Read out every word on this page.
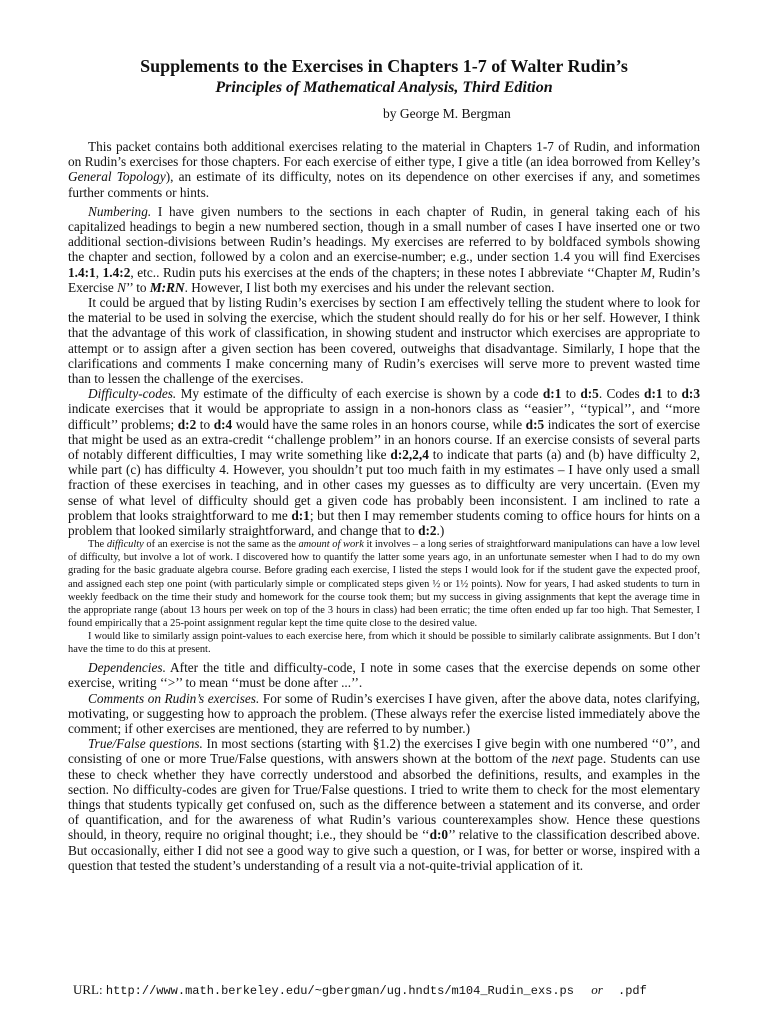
Supplements to the Exercises in Chapters 1-7 of Walter Rudin’s
Principles of Mathematical Analysis, Third Edition
by George M. Bergman

This packet contains both additional exercises relating to the material in Chapters 1-7 of Rudin, and information on Rudin’s exercises for those chapters. For each exercise of either type, I give a title (an idea borrowed from Kelley’s General Topology), an estimate of its difficulty, notes on its dependence on other exercises if any, and sometimes further comments or hints.

Numbering. I have given numbers to the sections in each chapter of Rudin, in general taking each of his capitalized headings to begin a new numbered section, though in a small number of cases I have inserted one or two additional section-divisions between Rudin’s headings. My exercises are referred to by boldfaced symbols showing the chapter and section, followed by a colon and an exercise-number; e.g., under section 1.4 you will find Exercises 1.4:1, 1.4:2, etc.. Rudin puts his exercises at the ends of the chapters; in these notes I abbreviate ‘‘Chapter M, Rudin’s Exercise N’’ to M:RN. However, I list both my exercises and his under the relevant section.

It could be argued that by listing Rudin’s exercises by section I am effectively telling the student where to look for the material to be used in solving the exercise, which the student should really do for his or her self. However, I think that the advantage of this work of classification, in showing student and instructor which exercises are appropriate to attempt or to assign after a given section has been covered, outweighs that disadvantage. Similarly, I hope that the clarifications and comments I make concerning many of Rudin’s exercises will serve more to prevent wasted time than to lessen the challenge of the exercises.

Difficulty-codes. My estimate of the difficulty of each exercise is shown by a code d:1 to d:5. Codes d:1 to d:3 indicate exercises that it would be appropriate to assign in a non-honors class as ‘‘easier’’, ‘‘typical’’, and ‘‘more difficult’’ problems; d:2 to d:4 would have the same roles in an honors course, while d:5 indicates the sort of exercise that might be used as an extra-credit ‘‘challenge problem’’ in an honors course. If an exercise consists of several parts of notably different difficulties, I may write something like d:2,2,4 to indicate that parts (a) and (b) have difficulty 2, while part (c) has difficulty 4. However, you shouldn’t put too much faith in my estimates – I have only used a small fraction of these exercises in teaching, and in other cases my guesses as to difficulty are very uncertain. (Even my sense of what level of difficulty should get a given code has probably been inconsistent. I am inclined to rate a problem that looks straightforward to me d:1; but then I may remember students coming to office hours for hints on a problem that looked similarly straightforward, and change that to d:2.)

The difficulty of an exercise is not the same as the amount of work it involves – a long series of straightforward manipulations can have a low level of difficulty, but involve a lot of work. I discovered how to quantify the latter some years ago, in an unfortunate semester when I had to do my own grading for the basic graduate algebra course. Before grading each exercise, I listed the steps I would look for if the student gave the expected proof, and assigned each step one point (with particularly simple or complicated steps given ½ or 1½ points). Now for years, I had asked students to turn in weekly feedback on the time their study and homework for the course took them; but my success in giving assignments that kept the average time in the appropriate range (about 13 hours per week on top of the 3 hours in class) had been erratic; the time often ended up far too high. That Semester, I found empirically that a 25-point assignment regular kept the time quite close to the desired value.

I would like to similarly assign point-values to each exercise here, from which it should be possible to similarly calibrate assignments. But I don’t have the time to do this at present.

Dependencies. After the title and difficulty-code, I note in some cases that the exercise depends on some other exercise, writing ‘‘>’’ to mean ‘‘must be done after ...’’.

Comments on Rudin’s exercises. For some of Rudin’s exercises I have given, after the above data, notes clarifying, motivating, or suggesting how to approach the problem. (These always refer the exercise listed immediately above the comment; if other exercises are mentioned, they are referred to by number.)

True/False questions. In most sections (starting with §1.2) the exercises I give begin with one numbered ‘‘0’’, and consisting of one or more True/False questions, with answers shown at the bottom of the next page. Students can use these to check whether they have correctly understood and absorbed the definitions, results, and examples in the section. No difficulty-codes are given for True/False questions. I tried to write them to check for the most elementary things that students typically get confused on, such as the difference between a statement and its converse, and order of quantification, and for the awareness of what Rudin’s various counterexamples show. Hence these questions should, in theory, require no original thought; i.e., they should be ‘‘d:0’’ relative to the classification described above. But occasionally, either I did not see a good way to give such a question, or I was, for better or worse, inspired with a question that tested the student’s understanding of a result via a not-quite-trivial application of it.

URL: http://www.math.berkeley.edu/~gbergman/ug.hndts/m104_Rudin_exs.ps or .pdf
